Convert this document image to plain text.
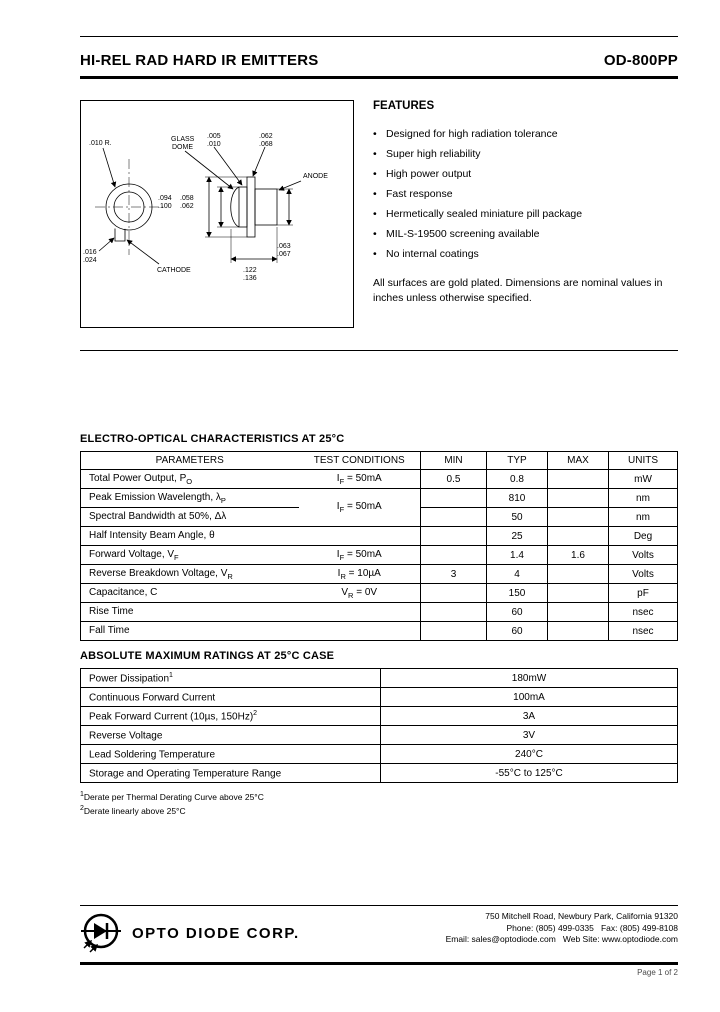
HI-REL RAD HARD IR EMITTERS	OD-800PP
.010 R.
GLASS
DOME
.005
.010
.062
.068
ANODE
.094
.100
.058
.062
.016
.024
CATHODE
.063
.067
.122
.136
FEATURES
• Designed for high radiation tolerance
• Super high reliability
• High power output
• Fast response
• Hermetically sealed miniature pill package
• MIL-S-19500 screening available
• No internal coatings
All surfaces are gold plated. Dimensions are nominal values in inches unless otherwise specified.
ELECTRO-OPTICAL CHARACTERISTICS AT 25°C
PARAMETERS	TEST CONDITIONS	MIN	TYP	MAX	UNITS
Total Power Output, $P_O$	$I_F = 50mA$	0.5	0.8		mW
Peak Emission Wavelength, $\lambda_P$	$I_F = 50mA$		810		nm
Spectral Bandwidth at 50%, Δλ			50		nm
Half Intensity Beam Angle, θ			25		Deg
Forward Voltage, $V_F$	$I_F = 50mA$		1.4	1.6	Volts
Reverse Breakdown Voltage, $V_R$	$I_R = 10\mu A$	3	4		Volts
Capacitance, C	$V_R = 0V$		150		pF
Rise Time			60		nsec
Fall Time			60		nsec
ABSOLUTE MAXIMUM RATINGS AT 25°C CASE
Power Dissipation$^1$	180mW
Continuous Forward Current	100mA
Peak Forward Current (10µs, 150Hz)$^2$	3A
Reverse Voltage	3V
Lead Soldering Temperature	240°C
Storage and Operating Temperature Range	-55°C to 125°C
$^1$Derate per Thermal Derating Curve above 25°C
$^2$Derate linearly above 25°C
OPTO DIODE CORP.
750 Mitchell Road, Newbury Park, California 91320
Phone: (805) 499-0335   Fax: (805) 499-8108
Email: sales@optodiode.com   Web Site: www.optodiode.com
Page 1 of 2
